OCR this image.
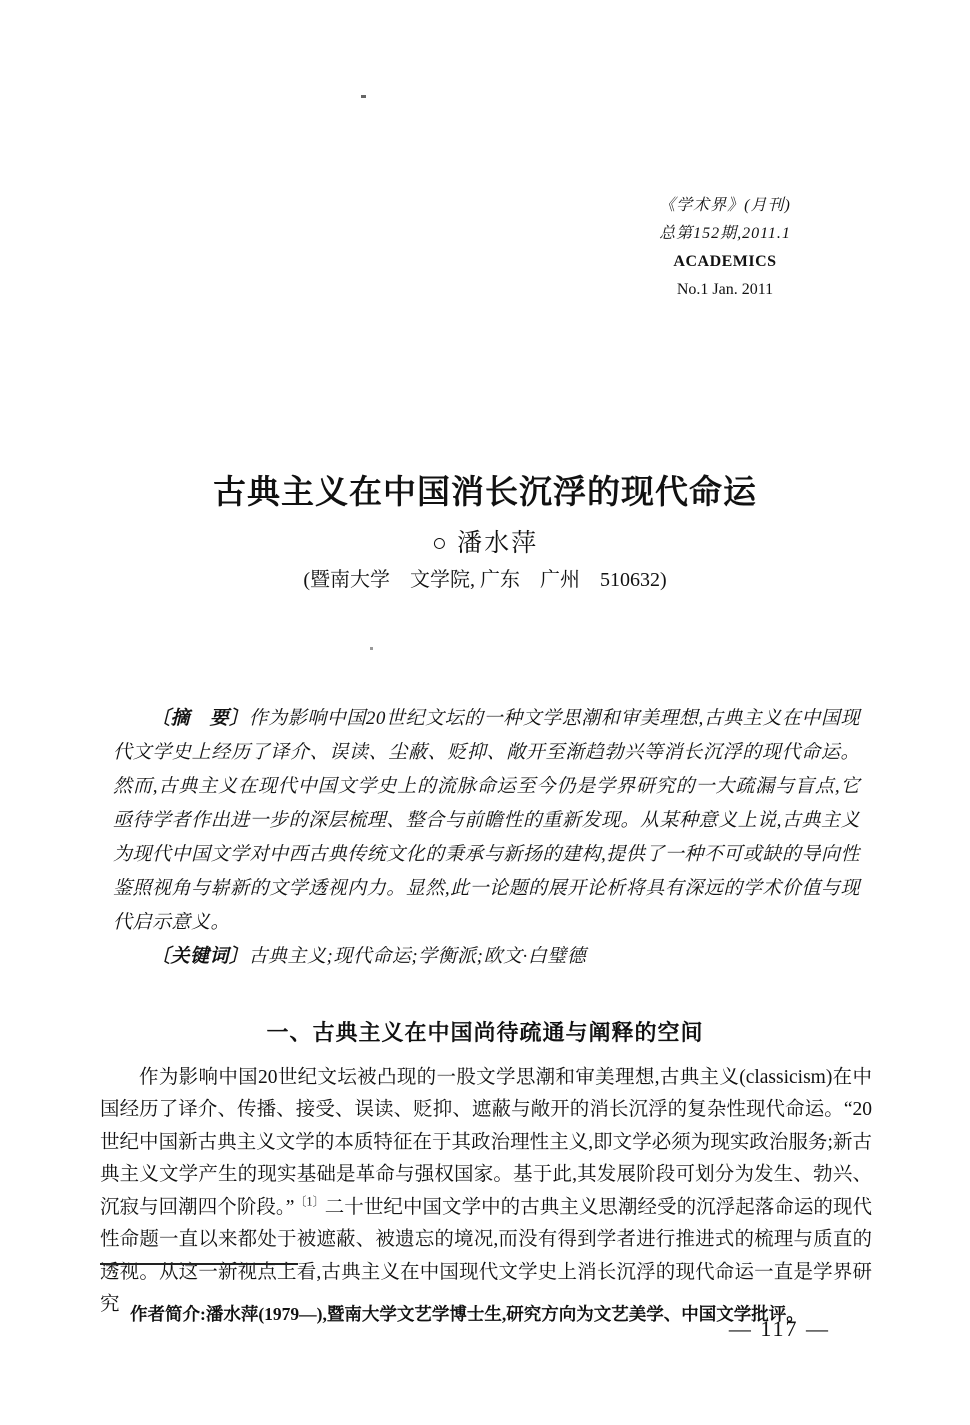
《学术界》(月刊)
总第152期,2011.1
ACADEMICS
No.1 Jan. 2011
古典主义在中国消长沉浮的现代命运
○ 潘水萍
(暨南大学　文学院, 广东　广州　510632)

〔摘　要〕作为影响中国20世纪文坛的一种文学思潮和审美理想,古典主义在中国现代文学史上经历了译介、误读、尘蔽、贬抑、敞开至渐趋勃兴等消长沉浮的现代命运。然而,古典主义在现代中国文学史上的流脉命运至今仍是学界研究的一大疏漏与盲点,它亟待学者作出进一步的深层梳理、整合与前瞻性的重新发现。从某种意义上说,古典主义为现代中国文学对中西古典传统文化的秉承与新扬的建构,提供了一种不可或缺的导向性鉴照视角与崭新的文学透视内力。显然,此一论题的展开论析将具有深远的学术价值与现代启示意义。

〔关键词〕古典主义;现代命运;学衡派;欧文·白璧德

一、古典主义在中国尚待疏通与阐释的空间

作为影响中国20世纪文坛被凸现的一股文学思潮和审美理想,古典主义(classicism)在中国经历了译介、传播、接受、误读、贬抑、遮蔽与敞开的消长沉浮的复杂性现代命运。“20世纪中国新古典主义文学的本质特征在于其政治理性主义,即文学必须为现实政治服务;新古典主义文学产生的现实基础是革命与强权国家。基于此,其发展阶段可划分为发生、勃兴、沉寂与回潮四个阶段。”$^{〔1〕}$二十世纪中国文学中的古典主义思潮经受的沉浮起落命运的现代性命题一直以来都处于被遮蔽、被遗忘的境况,而没有得到学者进行推进式的梳理与质直的透视。从这一新视点上看,古典主义在中国现代文学史上消长沉浮的现代命运一直是学界研究 作者简介:潘水萍(1979—),暨南大学文艺学博士生,研究方向为文艺美学、中国文学批评。

— 117 —
